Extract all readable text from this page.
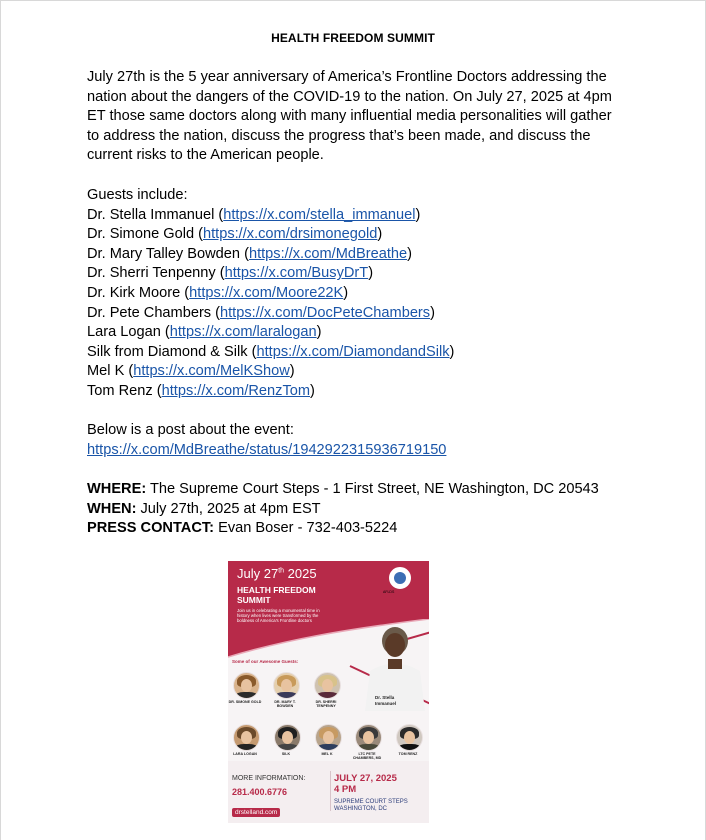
HEALTH FREEDOM SUMMIT
July 27th is the 5 year anniversary of America’s Frontline Doctors addressing the
nation about the dangers of the COVID-19 to the nation. On July 27, 2025 at 4pm
ET those same doctors along with many influential media personalities will gather
to address the nation, discuss the progress that’s been made, and discuss the
current risks to the American people.
Guests include:
Dr. Stella Immanuel (https://x.com/stella_immanuel)
Dr. Simone Gold (https://x.com/drsimonegold)
Dr. Mary Talley Bowden (https://x.com/MdBreathe)
Dr. Sherri Tenpenny (https://x.com/BusyDrT)
Dr. Kirk Moore (https://x.com/Moore22K)
Dr. Pete Chambers (https://x.com/DocPeteChambers)
Lara Logan (https://x.com/laralogan)
Silk from Diamond & Silk (https://x.com/DiamondandSilk)
Mel K (https://x.com/MelKShow)
Tom Renz (https://x.com/RenzTom)
Below is a post about the event:
https://x.com/MdBreathe/status/1942922315936719150
WHERE: The Supreme Court Steps - 1 First Street, NE Washington, DC 20543
WHEN: July 27th, 2025 at 4pm EST
PRESS CONTACT: Evan Boser - 732-403-5224
July 27th 2025
HEALTH FREEDOM
SUMMIT
Join us in celebrating a monumental time in history when lives were transformed by the boldness of America's Frontline doctors
AFLDS
Dr. Stella
Immanuel
Some of our Awesome Guests:
DR. SIMONE GOLD	DR. MARY T. BOWDEN
DR. SHERRI TENPENNY
LARA LOGAN	SILK	MEL K	LTC PETE CHAMBERS, MD
TOM RENZ
MORE INFORMATION:
281.400.6776
JULY 27, 2025
4 PM
SUPREME COURT STEPS
WASHINGTON, DC
drstelland.com
